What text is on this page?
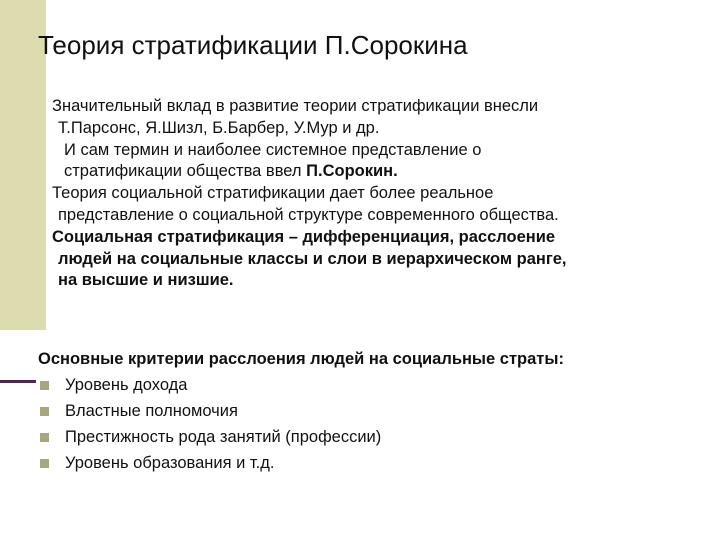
Теория стратификации П.Сорокина

Значительный вклад в развитие теории стратификации внесли
Т.Парсонс, Я.Шизл, Б.Барбер, У.Мур и др.

И сам термин и наиболее системное представление о
стратификации общества ввел П.Сорокин.

Теория социальной стратификации дает более реальное
представление о социальной структуре современного общества.

Социальная стратификация – дифференциация, расслоение
людей на социальные классы и слои в иерархическом ранге,
на высшие и низшие.

Основные критерии расслоения людей на социальные страты:

Уровень дохода
Властные полномочия
Престижность рода занятий (профессии)
Уровень образования и т.д.
